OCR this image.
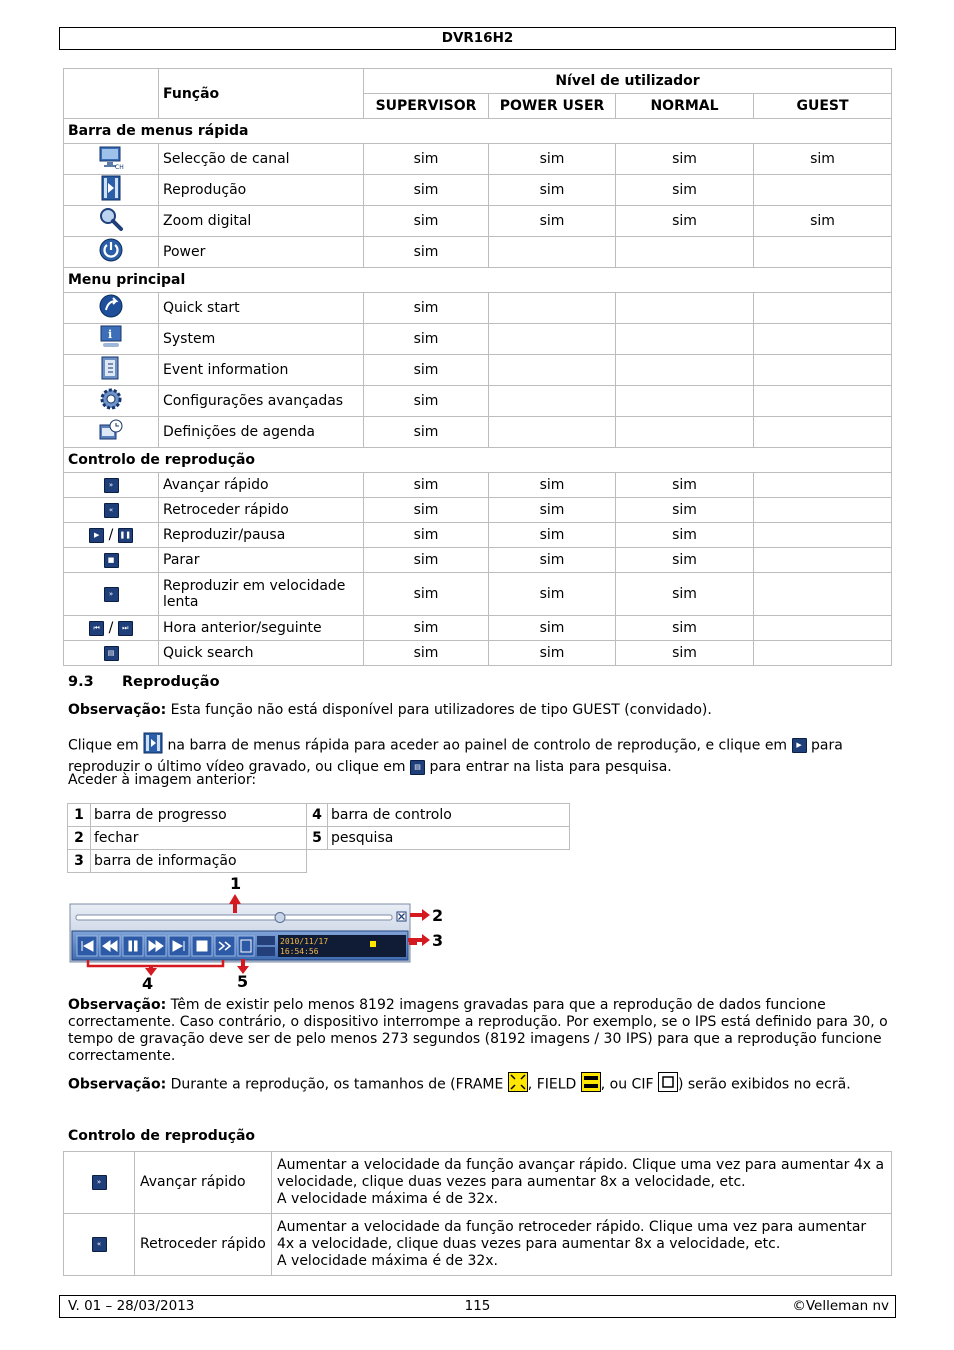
DVR16H2
	Função	Nível de utilizador			
		SUPERVISOR	POWER USER	NORMAL	GUEST
Barra de menus rápida					

CH	Selecção de canal	sim	sim	sim	sim
	Reprodução	sim	sim	sim	
	Zoom digital	sim	sim	sim	sim
	Power	sim			
Menu principal					
	Quick start	sim			

i	System	sim			
	Event information	sim			
	Configurações avançadas	sim			
	Definições de agenda	sim			
Controlo de reprodução					
»	Avançar rápido	sim	sim	sim	
«	Retroceder rápido	sim	sim	sim	
▶ / ❚❚	Reproduzir/pausa	sim	sim	sim	
■	Parar	sim	sim	sim	
»	Reproduzir em velocidade lenta	sim	sim	sim	
⏮ / ⏭	Hora anterior/seguinte	sim	sim	sim	
▤	Quick search	sim	sim	sim	
9.3 Reprodução

Observação: Esta função não está disponível para utilizadores de tipo GUEST (convidado).

Clique em  na barra de menus rápida para aceder ao painel de controlo de reprodução, e clique em ▶ para reproduzir o último vídeo gravado, ou clique em ▤ para entrar na lista para pesquisa.

Aceder à imagem anterior:

1	barra de progresso	4	barra de controlo
2	fechar	5	pesquisa
3	barra de informação		
2010/11/17
16:54:56
1
2
3
4	5

Observação: Têm de existir pelo menos 8192 imagens gravadas para que a reprodução de dados funcione correctamente. Caso contrário, o dispositivo interrompe a reprodução. Por exemplo, se o IPS está definido para 30, o tempo de gravação deve ser de pelo menos 273 segundos (8192 imagens / 30 IPS) para que a reprodução funcione correctamente.

Observação: Durante a reprodução, os tamanhos de (FRAME , FIELD , ou CIF ) serão exibidos no ecrã.

Controlo de reprodução
»	Avançar rápido	Aumentar a velocidade da função avançar rápido. Clique uma vez para aumentar 4x a velocidade, clique duas vezes para aumentar 8x a velocidade, etc.
A velocidade máxima é de 32x.

«	Retroceder rápido	Aumentar a velocidade da função retroceder rápido. Clique uma vez para aumentar 4x a velocidade, clique duas vezes para aumentar 8x a velocidade, etc.
A velocidade máxima é de 32x.
V. 01 – 28/03/2013	115	©Velleman nv
